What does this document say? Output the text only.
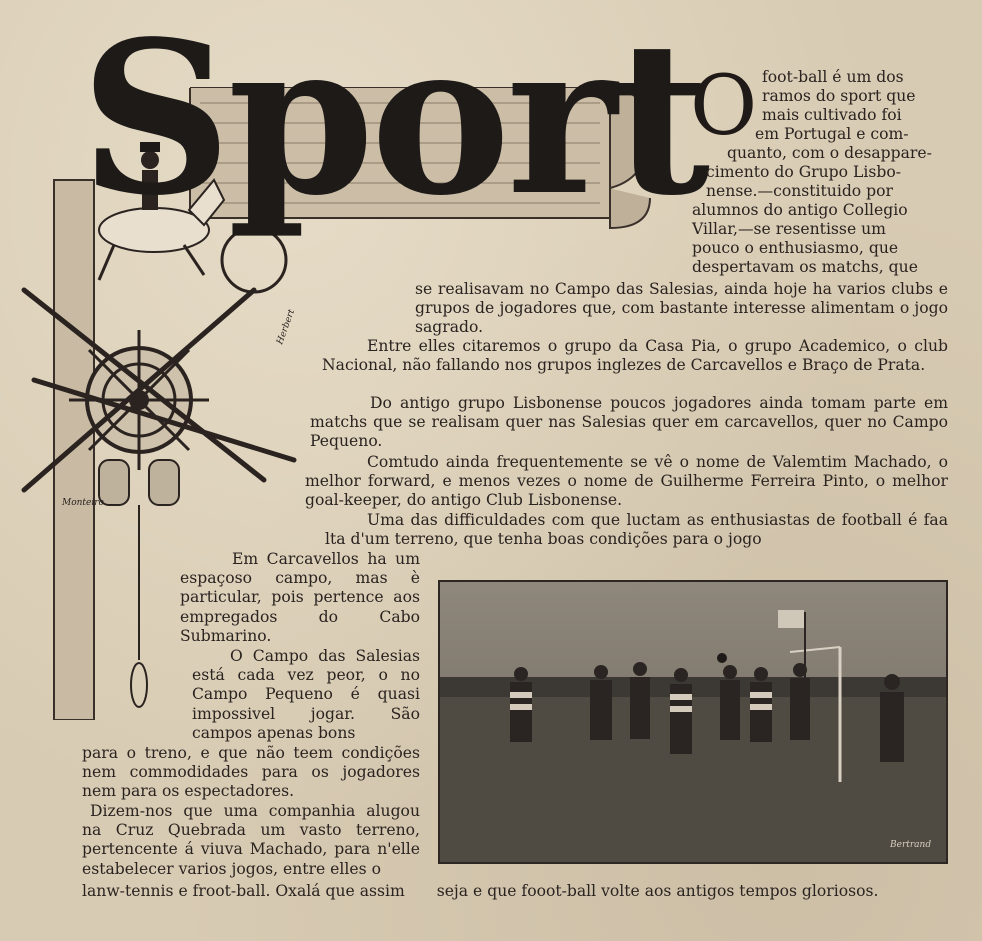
Sport
Monteiro
Herbert
O foot-ball é um dos

ramos do sport que

mais cultivado foi

em Portugal e com-

quanto, com o desappare-

cimento do Grupo Lisbo-

nense.—constituido por

alumnos do antigo Collegio

Villar,—se resentisse um

pouco o enthusiasmo, que

despertavam os matchs, que

se realisavam no Campo das Salesias, ainda hoje ha varios clubs e grupos de jogadores que, com bastante interesse alimentam o jogo sagrado.

Entre elles citaremos o grupo da Casa Pia, o grupo Academico, o club Nacional, não fallando nos grupos inglezes de Carcavellos e Braço de Prata.

Do antigo grupo Lisbonense poucos jogadores ainda tomam parte em matchs que se realisam quer nas Salesias quer em carcavellos, quer no Campo Pequeno.

Comtudo ainda frequentemente se vê o nome de Valemtim Machado, o melhor forward, e menos vezes o nome de Guilherme Ferreira Pinto, o melhor goal-keeper, do antigo Club Lisbonense.

Uma das difficuldades com que luctam as enthusiastas de football é faa lta d'um terreno, que tenha boas condições para o jogo

Em Carcavellos ha um espaçoso campo, mas è particular, pois pertence aos empregados do Cabo Submarino.

O Campo das Salesias está cada vez peor, o no Campo Pequeno é quasi impossivel jogar. São campos apenas bons

para o treno, e que não teem condições nem commodidades para os jogadores nem para os espectadores.

Dizem-nos que uma companhia alugou na Cruz Quebrada um vasto terreno, pertencente á viuva Machado, para n'elle estabelecer varios jogos, entre elles o

Bertrand
lanw-tennis e froot-ball. Oxalá que assim seja e que fooot-ball volte aos antigos tempos gloriosos.
